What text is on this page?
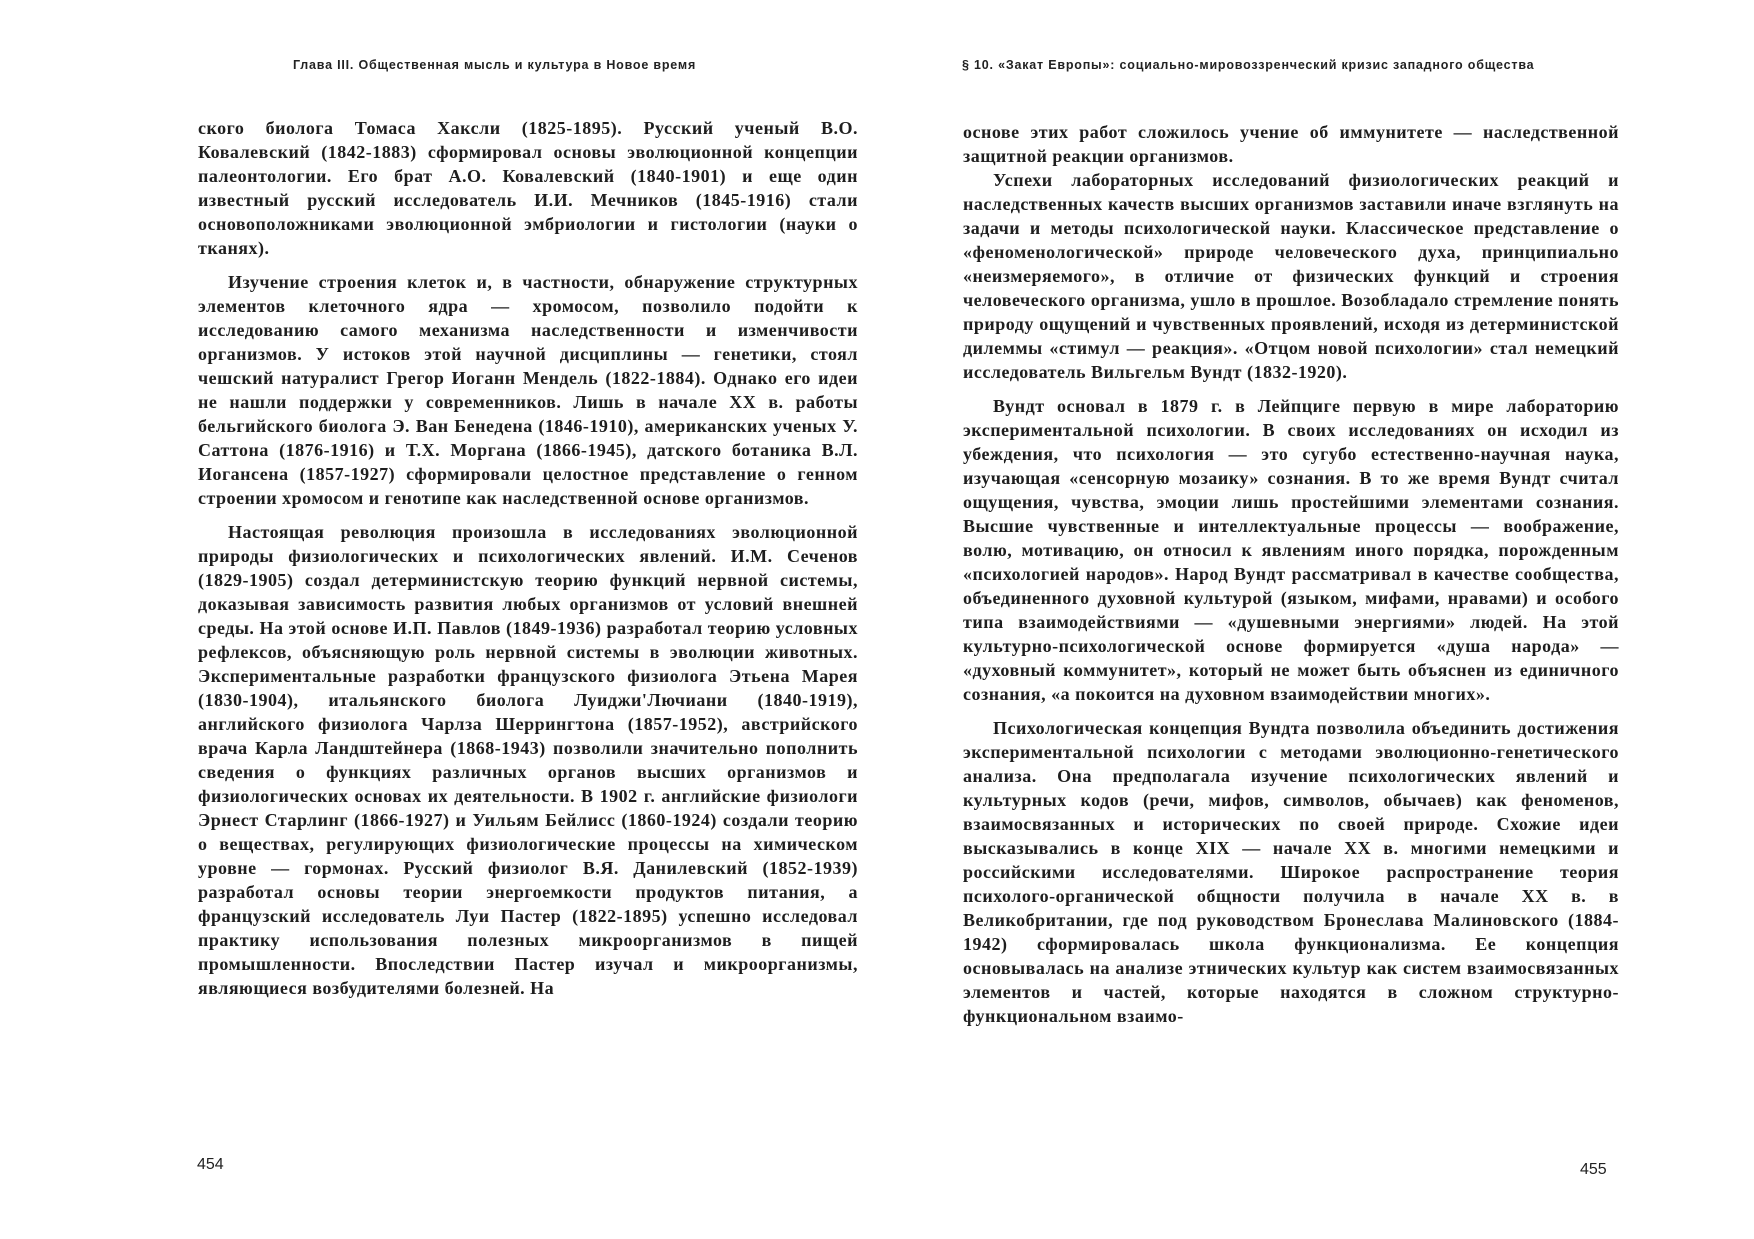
Глава III. Общественная мысль и культура в Новое время

ского биолога Томаса Хаксли (1825-1895). Русский ученый В.О. Ковалевский (1842-1883) сформировал основы эволюционной концепции палеонтологии. Его брат А.О. Ковалевский (1840-1901) и еще один известный русский исследователь И.И. Мечников (1845-1916) стали основоположниками эволюционной эмбриологии и гистологии (науки о тканях).

Изучение строения клеток и, в частности, обнаружение структурных элементов клеточного ядра — хромосом, позволило подойти к исследованию самого механизма наследственности и изменчивости организмов. У истоков этой научной дисциплины — генетики, стоял чешский натуралист Грегор Иоганн Мендель (1822-1884). Однако его идеи не нашли поддержки у современников. Лишь в начале XX в. работы бельгийского биолога Э. Ван Бенедена (1846-1910), американских ученых У. Саттона (1876-1916) и Т.Х. Моргана (1866-1945), датского ботаника В.Л. Иогансена (1857-1927) сформировали целостное представление о генном строении хромосом и генотипе как наследственной основе организмов.

Настоящая революция произошла в исследованиях эволюционной природы физиологических и психологических явлений. И.М. Сеченов (1829-1905) создал детерминистскую теорию функций нервной системы, доказывая зависимость развития любых организмов от условий внешней среды. На этой основе И.П. Павлов (1849-1936) разработал теорию условных рефлексов, объясняющую роль нервной системы в эволюции животных. Экспериментальные разработки французского физиолога Этьена Марея (1830-1904), итальянского биолога Луиджи'Лючиани (1840-1919), английского физиолога Чарлза Шеррингтона (1857-1952), австрийского врача Карла Ландштейнера (1868-1943) позволили значительно пополнить сведения о функциях различных органов высших организмов и физиологических основах их деятельности. В 1902 г. английские физиологи Эрнест Старлинг (1866-1927) и Уильям Бейлисс (1860-1924) создали теорию о веществах, регулирующих физиологические процессы на химическом уровне — гормонах. Русский физиолог В.Я. Данилевский (1852-1939) разработал основы теории энергоемкости продуктов питания, а французский исследователь Луи Пастер (1822-1895) успешно исследовал практику использования полезных микроорганизмов в пищей промышленности. Впоследствии Пастер изучал и микроорганизмы, являющиеся возбудителями болезней. На

454
§ 10. «Закат Европы»: социально-мировоззренческий кризис западного общества

основе этих работ сложилось учение об иммунитете — наследственной защитной реакции организмов.

Успехи лабораторных исследований физиологических реакций и наследственных качеств высших организмов заставили иначе взглянуть на задачи и методы психологической науки. Классическое представление о «феноменологической» природе человеческого духа, принципиально «неизмеряемого», в отличие от физических функций и строения человеческого организма, ушло в прошлое. Возобладало стремление понять природу ощущений и чувственных проявлений, исходя из детерминистской дилеммы «стимул — реакция». «Отцом новой психологии» стал немецкий исследователь Вильгельм Вундт (1832-1920).

Вундт основал в 1879 г. в Лейпциге первую в мире лабораторию экспериментальной психологии. В своих исследованиях он исходил из убеждения, что психология — это сугубо естественно-научная наука, изучающая «сенсорную мозаику» сознания. В то же время Вундт считал ощущения, чувства, эмоции лишь простейшими элементами сознания. Высшие чувственные и интеллектуальные процессы — воображение, волю, мотивацию, он относил к явлениям иного порядка, порожденным «психологией народов». Народ Вундт рассматривал в качестве сообщества, объединенного духовной культурой (языком, мифами, нравами) и особого типа взаимодействиями — «душевными энергиями» людей. На этой культурно-психологической основе формируется «душа народа» — «духовный коммунитет», который не может быть объяснен из единичного сознания, «а покоится на духовном взаимодействии многих».

Психологическая концепция Вундта позволила объединить достижения экспериментальной психологии с методами эволюционно-генетического анализа. Она предполагала изучение психологических явлений и культурных кодов (речи, мифов, символов, обычаев) как феноменов, взаимосвязанных и исторических по своей природе. Схожие идеи высказывались в конце XIX — начале XX в. многими немецкими и российскими исследователями. Широкое распространение теория психолого-органической общности получила в начале XX в. в Великобритании, где под руководством Бронеслава Малиновского (1884-1942) сформировалась школа функционализма. Ее концепция основывалась на анализе этнических культур как систем взаимосвязанных элементов и частей, которые находятся в сложном структурно-функциональном взаимо-

455
